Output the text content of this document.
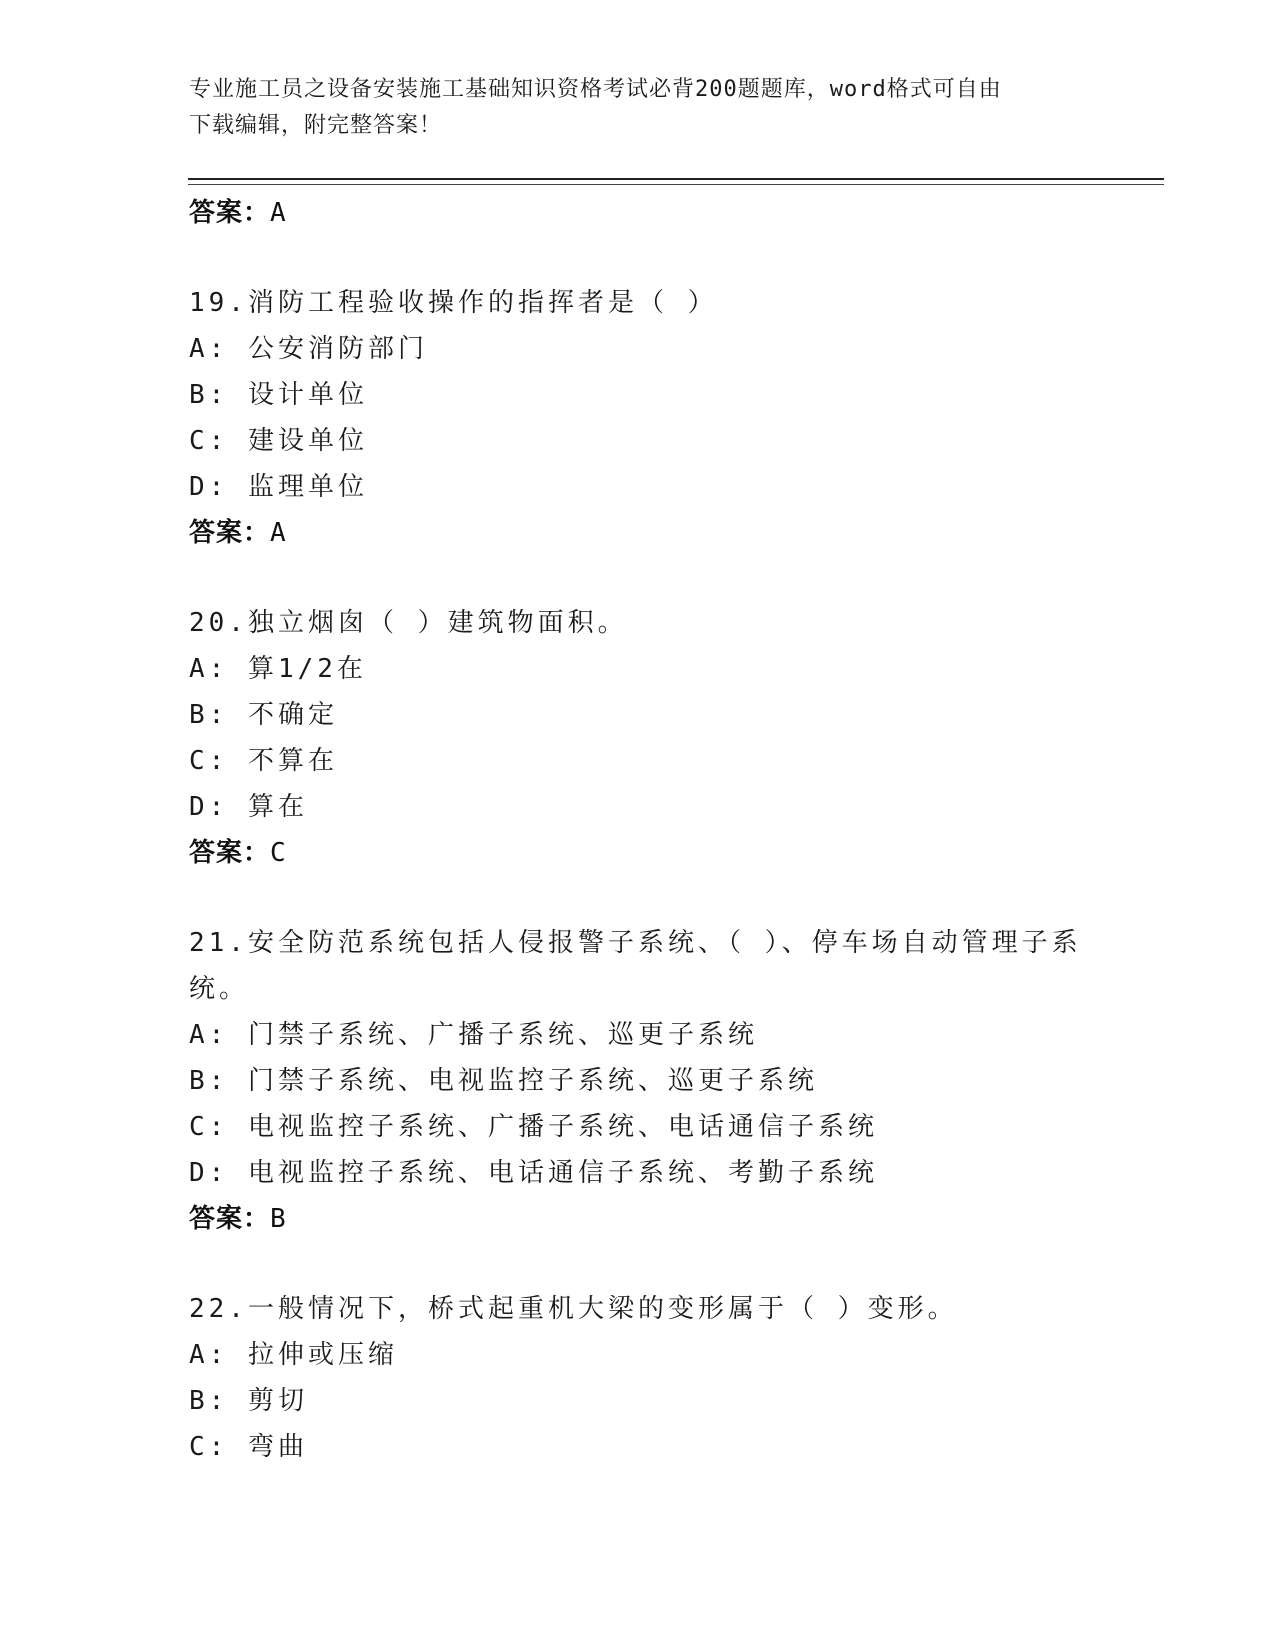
专业施工员之设备安装施工基础知识资格考试必背200题题库，word格式可自由
下载编辑，附完整答案！
答案：A
19.消防工程验收操作的指挥者是（ ）
A: 公安消防部门
B: 设计单位
C: 建设单位
D: 监理单位
答案：A
20.独立烟囱（ ）建筑物面积。
A: 算1/2在
B: 不确定
C: 不算在
D: 算在
答案：C
21.安全防范系统包括人侵报警子系统、（ ）、停车场自动管理子系
统。
A: 门禁子系统、广播子系统、巡更子系统
B: 门禁子系统、电视监控子系统、巡更子系统
C: 电视监控子系统、广播子系统、电话通信子系统
D: 电视监控子系统、电话通信子系统、考勤子系统
答案：B
22.一般情况下，桥式起重机大梁的变形属于（ ）变形。
A: 拉伸或压缩
B: 剪切
C: 弯曲
